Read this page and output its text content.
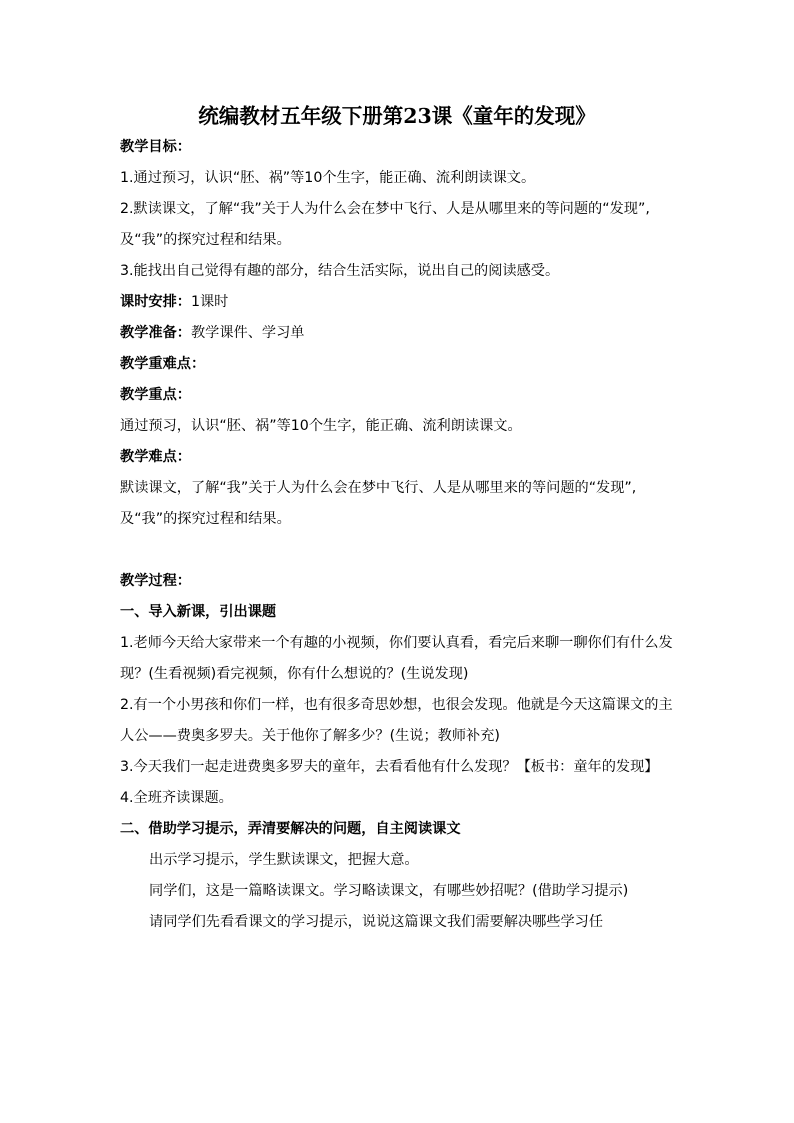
统编教材五年级下册第23课《童年的发现》

教学目标：

1.通过预习，认识“胚、祸”等10个生字，能正确、流利朗读课文。

2.默读课文，了解“我”关于人为什么会在梦中飞行、人是从哪里来的等问题的“发现”,及“我”的探究过程和结果。

3.能找出自己觉得有趣的部分，结合生活实际，说出自己的阅读感受。

课时安排：1课时

教学准备：教学课件、学习单

教学重难点：

教学重点：

通过预习，认识“胚、祸”等10个生字，能正确、流利朗读课文。

教学难点：

默读课文，了解“我”关于人为什么会在梦中飞行、人是从哪里来的等问题的“发现”,及“我”的探究过程和结果。

教学过程：

一、导入新课，引出课题

1.老师今天给大家带来一个有趣的小视频，你们要认真看，看完后来聊一聊你们有什么发现？(生看视频)看完视频，你有什么想说的？(生说发现)

2.有一个小男孩和你们一样，也有很多奇思妙想，也很会发现。他就是今天这篇课文的主人公——费奥多罗夫。关于他你了解多少？(生说；教师补充)

3.今天我们一起走进费奥多罗夫的童年，去看看他有什么发现？【板书：童年的发现】

4.全班齐读课题。

二、借助学习提示，弄清要解决的问题，自主阅读课文

出示学习提示，学生默读课文，把握大意。

同学们，这是一篇略读课文。学习略读课文，有哪些妙招呢？(借助学习提示)

请同学们先看看课文的学习提示，说说这篇课文我们需要解决哪些学习任
